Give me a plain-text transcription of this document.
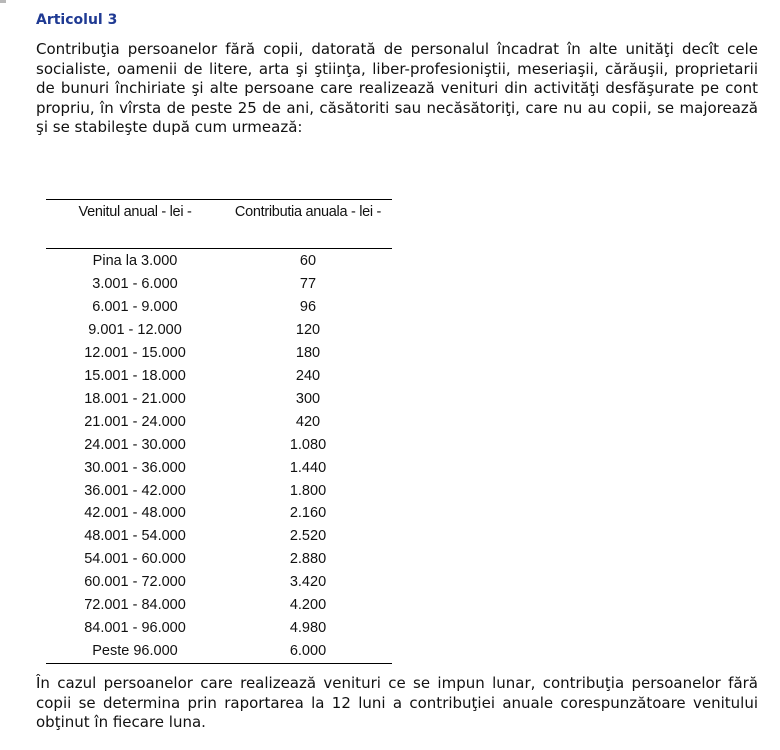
Articolul 3

Contribuţia persoanelor fără copii, datorată de personalul încadrat în alte unităţi decît cele socialiste, oamenii de litere, arta şi ştiinţa, liber-profesioniştii, meseriaşii, cărăuşii, proprietarii de bunuri închiriate şi alte persoane care realizează venituri din activităţi desfăşurate pe cont propriu, în vîrsta de peste 25 de ani, căsătoriti sau necăsătoriţi, care nu au copii, se majorează şi se stabileşte după cum urmează:

Venitul anual - lei -	Contributia anuala - lei -
Pina la 3.000	60
3.001 - 6.000	77
6.001 - 9.000	96
9.001 - 12.000	120
12.001 - 15.000	180
15.001 - 18.000	240
18.001 - 21.000	300
21.001 - 24.000	420
24.001 - 30.000	1.080
30.001 - 36.000	1.440
36.001 - 42.000	1.800
42.001 - 48.000	2.160
48.001 - 54.000	2.520
54.001 - 60.000	2.880
60.001 - 72.000	3.420
72.001 - 84.000	4.200
84.001 - 96.000	4.980
Peste 96.000	6.000

În cazul persoanelor care realizează venituri ce se impun lunar, contribuţia persoanelor fără copii se determina prin raportarea la 12 luni a contribuţiei anuale corespunzătoare venitului obţinut în fiecare luna.
